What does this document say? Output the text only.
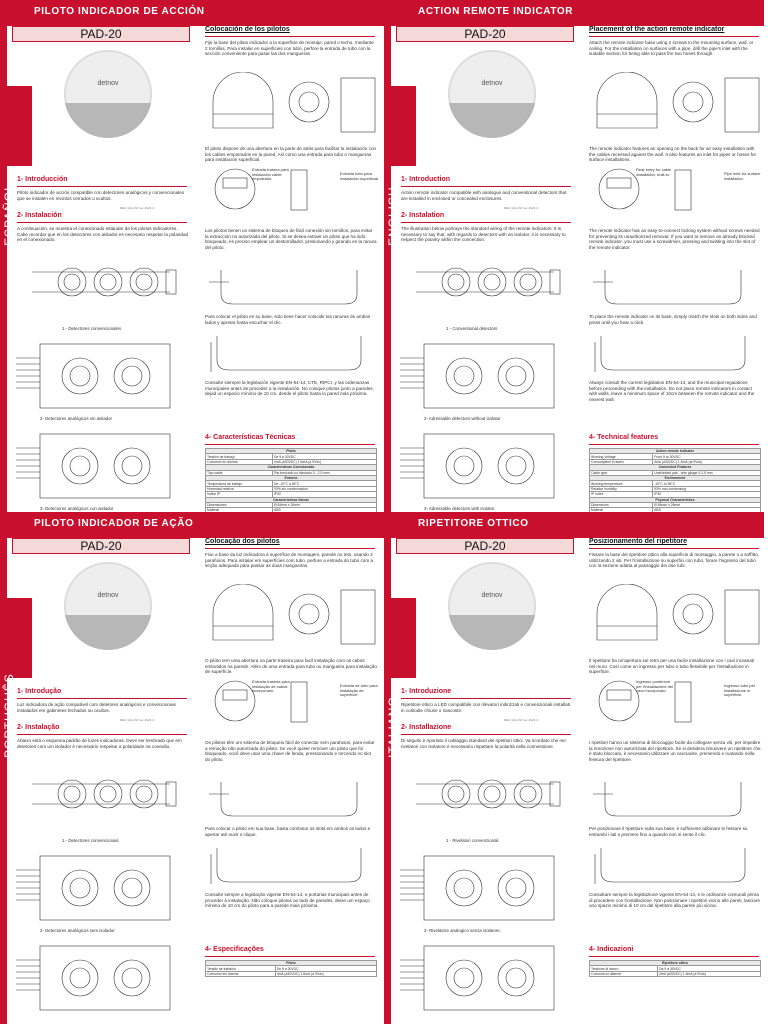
PILOTO INDICADOR DE ACCIÓN
PAD-20
ESPAÑOL
detnov
1- Introducción
Piloto indicador de acción compatible con detectores analógicos y convencionales que se instalen en recintos cerrados u ocultos.
REF: 0Ax.197 rev 2024 rv
2- Instalación
A continuación, se muestra el conexionado estándar de los pilotos indicadores. Cabe recordar que en los detectores con aislador es necesario respetar la polaridad en el conexionado.
1 - Detectores convencionales
2- Detectores analógicos sin aislador
3- Detectores analógicos con aislador
Colocación de los pilotos
Fije la base del piloto indicador a la superficie de montaje, pared o techo, mediante 2 tornillos. Para instalar en superficies con tubo, perfore la entrada de tubo con la sección conveniente para pasar las dos mangueras.
El piloto dispone de una abertura en la parte de atrás para facilitar la instalación con los cables empotrados en la pared. Así como una entrada para tubo o mangueras para instalación superficial.
Entrada trasera para instalación cable empotrado.
Entrada tubo para instalación superficial.
Los pilotos tienen un sistema de bloqueo de fácil conexión sin tornillos, para evitar la extracción no autorizada del piloto. Si se desea extraer un piloto que ha sido bloqueado, es preciso emplear un destornillador, presionando y girando en la ranura del piloto.
Para colocar el piloto en su base, solo tiene hacer coincidir las ranuras de ambos lados y apretar hasta escuchar el clic.
Consulte siempre la legislación vigente EN-54-14, CTE, RIPCI, y las ordenanzas municipales antes de proceder a la instalación. No coloque pilotos junto a paredes, dejad un espacio mínimo de 10 cm. desde el piloto hasta la pared más próxima.
4- Características Técnicas
Piloto	
Tensión de trabajo	De 9 a 30VDC
Consumo en alarma	4mA (a30VDC) 1.6mA (a 9Vdc)
Características Conexionado	
Tipo cable	Par trenzado no blindado 0 - 2.5 mm²
Entorno	
Temperatura de trabajo	De -10°C a 55°C
Humedad relativa	93% sin condensación
Indice IP	IP40
Características físicas	
Dimensiones	Ø 84mm x 26mm
Material	ABS
ACTION REMOTE INDICATOR
PAD-20
ENGLISH
detnov
1- Introduction
Action remote indicator compatible with analogue and conventional detectors that are installed in enclosed or concealed enclosures.
REF: 0Ax.197 rev 2024 rv
2- Instalation
The illustration below portrays the standard wiring of the remote indicators. It is necessary to say that, with regards to detectors with an isolator, it is necessary to respect the polarity within the connection.
1 - Conventional detectors
2- Adressable detectors without isolator
3- Adressable detectors with isolator
Placement of the action remote indicator
Attach the remote indicator base using 2 screws to the mounting surface, wall, or ceiling. For the installation on surfaces with a pipe, drill the pipe's inlet with the suitable section for being able to pass the two hoses through.
The remote indicator features an opening on the back for an easy installation with the cables recessed against the wall. It also features an inlet for pipes or hoses for surface installations.
Rear entry for cable installation, built-in.	Pipe inlet for surface installation.
The remote indicator has an easy-to-connect locking system without screws needed for preventing its unauthorized removal. If you want to remove an already blocked remote indicator, you must use a screwdriver, pressing and twisting into the slot of the remote indicator.
To place the remote indicator on its base, simply match the slots on both sides and press until you hear a click.
Always consult the current legislation EN-54-14, and the municipal regulations before proceeding with the installation. Do not place remote indicators in contact with walls, leave a minimum space of 10cm between the remote indicator and the nearest wall.
4- Technical features
Action remote indicator	
Working Voltage	From 9 to 30VDC
Consumption in alarm	4mA (a30VDC) 1.6mA (at 9Vdc)
Connected Features	
Cable type	Unshielded pair - wire gauge 0-2.5 mm
Environment	
Working temperature	-10°C to 55°C
Relative humidity	93% non-condensing
IP Index	IP40
Physical Characteristics	
Dimensions	Ø 84mm x 26mm
Material	ABS
PILOTO INDICADOR DE AÇÃO
PAD-20
PORTUGUÊS
detnov
1- Introdução
Luz indicadora de ação compatível com detetores analógicos e convencionais instalados em gabinetes fechados ou ocultos.
REF: 0Ax.197 rev 2024 rv
2- Instalação
Abaixo está o esquema padrão de luzes indicadoras. Deve ser lembrado que em detetores com um isolador é necessário respeitar a polaridade na conexão.
1 - Detectores convencionais
2- Detectores analógicos sem isolador
Colocação dos pilotos
Fixe a base da luz indicadora à superfície de montagem, parede ou teto, usando 2 parafusos. Para instalar em superfícies com tubo, perfure a entrada do tubo com a seção adequada para passar as duas mangueiras.
O piloto tem uma abertura na parte traseira para facil instalação com os cabos embutidos na parede. Além de uma entrada para tubo ou mangueira para instalação de superfície.
Entrada traseira para instalação de cabos incorporado.
Entrada de tubo para instalação de superfície.
Os pilotos têm um sistema de bloqueio fácil de conectar sem parafusos, para evitar a remoção não autorizada do piloto. Se você quiser remover um piloto que foi bloqueado, você deve usar uma chave de fenda, pressionando e torcendo no slot do piloto.
Para colocar o piloto em sua base, basta combinar os slots em ambos os lados e apertar até ouvir o clique.
Consulte sempre a legislação vigente EN-54-14, e portarias municipais antes de proceder à instalação. Não coloque pilotos ao lado de paredes, deixe um espaço mínimo de 10 cm do piloto para a parede mais próxima.
4- Especificações
Piloto	
Tensão de trabalho	De 9 a 30VDC
Consumo em alarme	4mA (a30VDC) 1.6mA (a 9Vdc)
RIPETITORE OTTICO
PAD-20
ITALIANO
detnov
1- Introduzione
Ripetitore ottico a LED compatibile con rilevatori indirizzati e convenzionali installati in custodie chiuse o nascoste.
REF: 0Ax.197 rev 2024 rv
2- Installazione
Di seguito è riportato il cablaggio standard dei ripetitori ottici. Va ricordato che nei rivelatori con isolatore è necessario rispettare la polarità nella connessione.
1 - Rivelatori convenzionali
2- Rivelatore analogico senza isolatore.
Posizionamento del ripetitore
Fissare la base del ripetitore ottico alla superficie di montaggio, a parete o a soffitto, utilizzando 2 viti. Per l'installazione su superfici con tubo, forare l'ingresso del tubo con la sezione adatta al passaggio dei due tubi.
Il ripetitore ha un'apertura sul retro per una facile installazione con i cavi incassati nel muro. Così come un ingresso per tubo o tubo flessibile per l'installazione in superficie.
Ingresso posteriore per l'installazione del cavo incorporato.
Ingresso tubo per installazione in superficie.
I ripetitori hanno un sistema di bloccaggio facile da collegare senza viti, per impedire la rimozione non autorizzata del ripetitore. Se si desidera rimuovere un ripetitore che è stato bloccato, è necessario utilizzare un cacciavite, premendo e ruotando nella fessura del ripetitore.
Per posizionare il ripetitore sulla sua base, è sufficiente abbinare le fessure su entrambi i lati e premere fino a quando non si sente il clic.
Consultare sempre la legislazione vigente EN-54-14, e le ordinanze comunali prima di procedere con l'installazione. Non posizionare i ripetitori vicino alle pareti, lasciare uno spazio minimo di 10 cm dal ripetitore alla parete più vicina.
4- Indicazioni
Ripetitore ottico	
Tensione di lavoro	Da 9 a 30VDC
Consumo in allarme	4mA (a30VDC) 1.6mA (a 9Vdc)
